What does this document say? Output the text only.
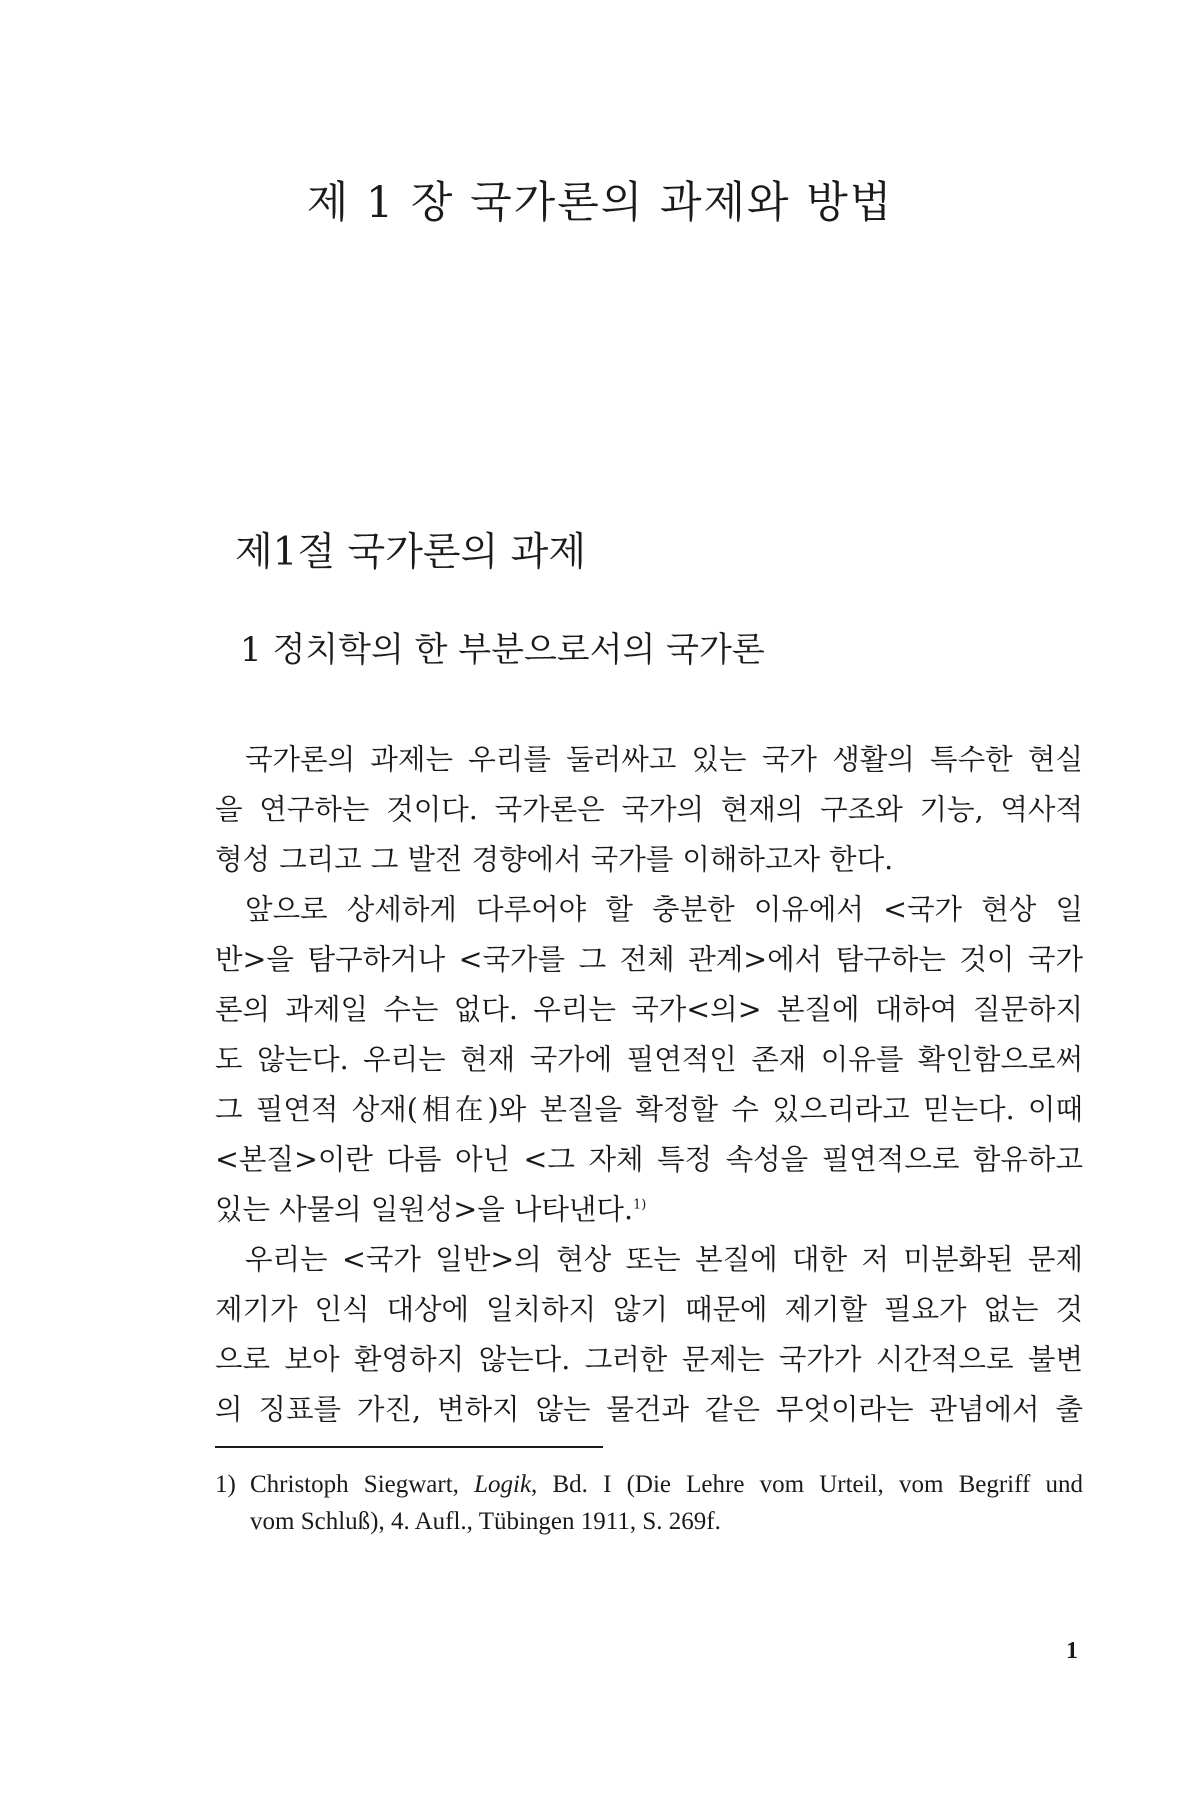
제 1 장 국가론의 과제와 방법
제1절 국가론의 과제
1 정치학의 한 부분으로서의 국가론
국가론의 과제는 우리를 둘러싸고 있는 국가 생활의 특수한 현실
을 연구하는 것이다. 국가론은 국가의 현재의 구조와 기능, 역사적
형성 그리고 그 발전 경향에서 국가를 이해하고자 한다.
앞으로 상세하게 다루어야 할 충분한 이유에서 <국가 현상 일
반>을 탐구하거나 <국가를 그 전체 관계>에서 탐구하는 것이 국가
론의 과제일 수는 없다. 우리는 국가<의> 본질에 대하여 질문하지
도 않는다. 우리는 현재 국가에 필연적인 존재 이유를 확인함으로써
그 필연적 상재(相在)와 본질을 확정할 수 있으리라고 믿는다. 이때
<본질>이란 다름 아닌 <그 자체 특정 속성을 필연적으로 함유하고
있는 사물의 일원성>을 나타낸다.$^{1)}$
우리는 <국가 일반>의 현상 또는 본질에 대한 저 미분화된 문제
제기가 인식 대상에 일치하지 않기 때문에 제기할 필요가 없는 것
으로 보아 환영하지 않는다. 그러한 문제는 국가가 시간적으로 불변
의 징표를 가진, 변하지 않는 물건과 같은 무엇이라는 관념에서 출
1) Christoph Siegwart, Logik, Bd. I (Die Lehre vom Urteil, vom Begriff und
vom Schluß), 4. Aufl., Tübingen 1911, S. 269f.
1
